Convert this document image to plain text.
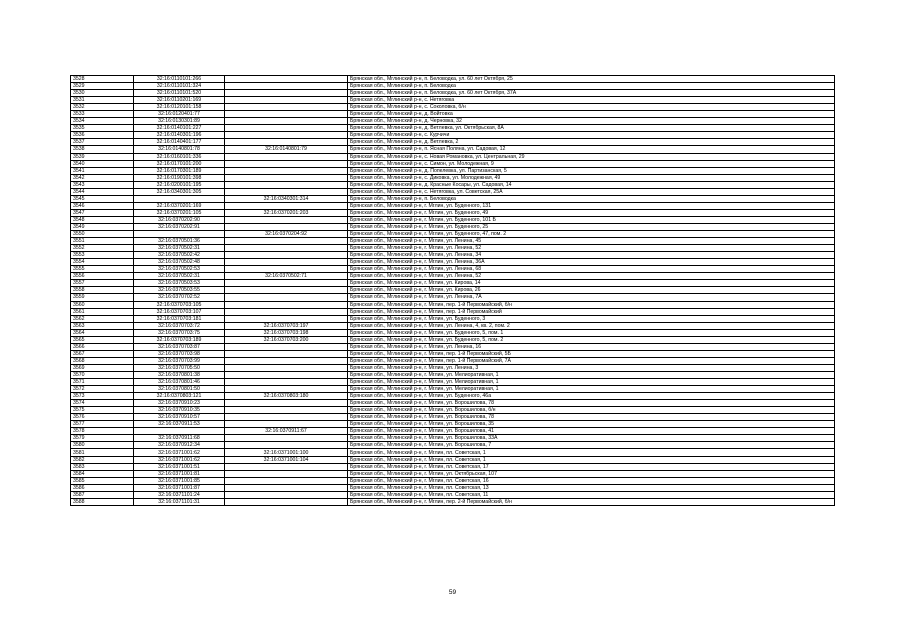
3528	32:16:0110101:266		Брянская обл., Мглинский р-н, п. Беловодка, ул. 60 лет Октября, 25
3529	32:16:0110101:324		Брянская обл., Мглинский р-н, п. Беловодка
3530	32:16:0110101:520		Брянская обл., Мглинский р-н, п. Беловодка, ул. 60 лет Октября, 37А
3531	32:16:0110201:169		Брянская обл., Мглинский р-н, с. Нетяговка
3532	32:16:0120101:158		Брянская обл., Мглинский р-н, с. Соколовка, б/н
3533	32:16:0120401:77		Брянская обл., Мглинский р-н, д. Войтовка
3534	32:16:0130301:89		Брянская обл., Мглинский р-н, д. Черновка, 32
3535	32:16:0140101:227		Брянская обл., Мглинский р-н, д. Ветлевка, ул. Октябрьская, 8А
3536	32:16:0140301:196		Брянская обл., Мглинский р-н, с. Курчичи
3537	32:16:0140401:177		Брянская обл., Мглинский р-н, д. Ветлевка, 2
3538	32:16:0140801:78	32:16:0140801:79	Брянская обл., Мглинский р-н, п. Ясная Поляна, ул. Садовая, 12
3539	32:16:0160101:336		Брянская обл., Мглинский р-н, с. Новая Романовка, ул. Центральная, 29
3540	32:16:0170101:200		Брянская обл., Мглинский р-н, с. Симон, ул. Молодежная, 9
3541	32:16:0170301:189		Брянская обл., Мглинский р-н, д. Попелевка, ул. Партизанская, 5
3542	32:16:0190101:398		Брянская обл., Мглинский р-н, с. Диковка, ул. Молодежная, 49
3543	32:16:0200101:195		Брянская обл., Мглинский р-н, д. Красные Косары, ул. Садовая, 14
3544	32:16:0340301:305		Брянская обл., Мглинский р-н, с. Нетяговка, ул. Советская, 25А
3545		32:16:0340301:314	Брянская обл., Мглинский р-н, п. Беловодка
3546	32:16:0370201:169		Брянская обл., Мглинский р-н, г. Мглин, ул. Буденного, 131
3547	32:16:0370201:105	32:16:0370201:203	Брянская обл., Мглинский р-н, г. Мглин, ул. Буденного, 49
3548	32:16:0370202:90		Брянская обл., Мглинский р-н, г. Мглин, ул. Буденного, 101 Б
3549	32:16:0370202:91		Брянская обл., Мглинский р-н, г. Мглин, ул. Буденного, 25
3550		32:16:0370204:92	Брянская обл., Мглинский р-н, г. Мглин, ул. Буденного, 47, пом. 2
3551	32:16:0370501:36		Брянская обл., Мглинский р-н, г. Мглин, ул. Ленина, 45
3552	32:16:0370502:31		Брянская обл., Мглинский р-н, г. Мглин, ул. Ленина, 52
3553	32:16:0370502:42		Брянская обл., Мглинский р-н, г. Мглин, ул. Ленина, 34
3554	32:16:0370502:48		Брянская обл., Мглинский р-н, г. Мглин, ул. Ленина, 36А
3555	32:16:0370502:53		Брянская обл., Мглинский р-н, г. Мглин, ул. Ленина, 68
3556	32:16:0370502:31	32:16:0370502:71	Брянская обл., Мглинский р-н, г. Мглин, ул. Ленина, 52
3557	32:16:0370503:53		Брянская обл., Мглинский р-н, г. Мглин, ул. Кирова, 14
3558	32:16:0370503:55		Брянская обл., Мглинский р-н, г. Мглин, ул. Кирова, 26
3559	32:16:0370702:52		Брянская обл., Мглинский р-н, г. Мглин, ул. Ленина, 7А
3560	32:16:0370703:105		Брянская обл., Мглинский р-н, г. Мглин, пер. 1-й Первомайский, б/н
3561	32:16:0370703:107		Брянская обл., Мглинский р-н, г. Мглин, пер. 1-й Первомайский
3562	32:16:0370703:181		Брянская обл., Мглинский р-н, г. Мглин, ул. Буденного, 3
3563	32:16:0370703:72	32:16:0370703:197	Брянская обл., Мглинский р-н, г. Мглин, ул. Ленина, 4, кв. 2, пом. 2
3564	32:16:0370703:75	32:16:0370703:198	Брянская обл., Мглинский р-н, г. Мглин, ул. Буденного, 5, пом. 1
3565	32:16:0370703:189	32:16:0370703:200	Брянская обл., Мглинский р-н, г. Мглин, ул. Буденного, 5, пом. 2
3566	32:16:0370703:87		Брянская обл., Мглинский р-н, г. Мглин, ул. Ленина, 16
3567	32:16:0370703:98		Брянская обл., Мглинский р-н, г. Мглин, пер. 1-й Первомайский, 5Б
3568	32:16:0370703:99		Брянская обл., Мглинский р-н, г. Мглин, пер. 1-й Первомайский, 7А
3569	32:16:0370705:50		Брянская обл., Мглинский р-н, г. Мглин, ул. Ленина, 3
3570	32:16:0370801:38		Брянская обл., Мглинский р-н, г. Мглин, ул. Мелиоративная, 1
3571	32:16:0370801:46		Брянская обл., Мглинский р-н, г. Мглин, ул. Мелиоративная, 1
3572	32:16:0370801:50		Брянская обл., Мглинский р-н, г. Мглин, ул. Мелиоративная, 1
3573	32:16:0370803:121	32:16:0370803:180	Брянская обл., Мглинский р-н, г. Мглин, ул. Буденного, 46а
3574	32:16:0370910:23		Брянская обл., Мглинский р-н, г. Мглин, ул. Ворошилова, 78
3575	32:16:0370910:35		Брянская обл., Мглинский р-н, г. Мглин, ул. Ворошилова, б/н
3576	32:16:0370910:57		Брянская обл., Мглинский р-н, г. Мглин, ул. Ворошилова, 78
3577	32:16:0370911:53		Брянская обл., Мглинский р-н, г. Мглин, ул. Ворошилова, 35
3578		32:16:0370911:67	Брянская обл., Мглинский р-н, г. Мглин, ул. Ворошилова, 41
3579	32:16:0370911:68		Брянская обл., Мглинский р-н, г. Мглин, ул. Ворошилова, 33А
3580	32:16:0370912:34		Брянская обл., Мглинский р-н, г. Мглин, ул. Ворошилова, 7
3581	32:16:0371001:62	32:16:0371001:100	Брянская обл., Мглинский р-н, г. Мглин, пл. Советская, 1
3582	32:16:0371001:62	32:16:0371001:104	Брянская обл., Мглинский р-н, г. Мглин, пл. Советская, 1
3583	32:16:0371001:51		Брянская обл., Мглинский р-н, г. Мглин, пл. Советская, 17
3584	32:16:0371001:81		Брянская обл., Мглинский р-н, г. Мглин, ул. Октябрьская, 107
3585	32:16:0371001:85		Брянская обл., Мглинский р-н, г. Мглин, пл. Советская, 16
3586	32:16:0371001:87		Брянская обл., Мглинский р-н, г. Мглин, пл. Советская, 13
3587	32:16:0371101:24		Брянская обл., Мглинский р-н, г. Мглин, пл. Советская, 11
3588	32:16:0371101:31		Брянская обл., Мглинский р-н, г. Мглин, пер. 2-й Первомайский, б/н
59
